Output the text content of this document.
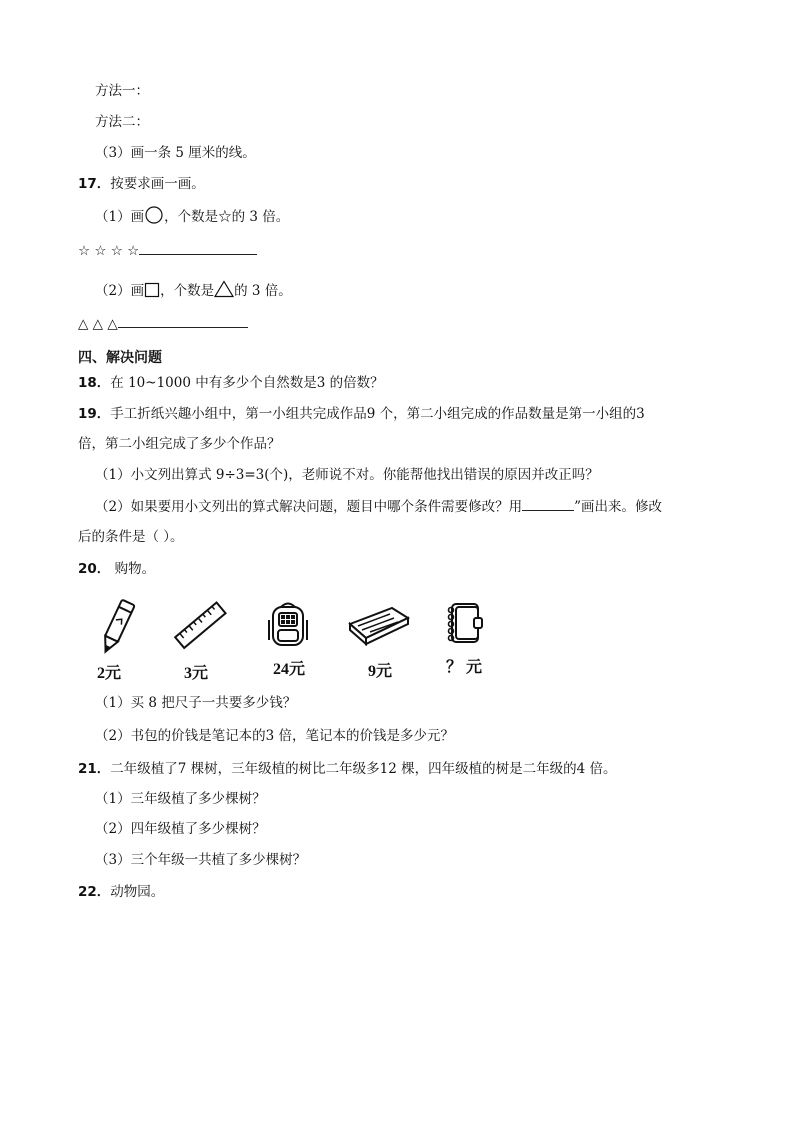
方法一：
方法二：
（3）画一条 5 厘米的线。
17．按要求画一画。
（1）画 ，个数是☆的 3 倍。
☆ ☆ ☆ ☆
（2）画 ，个数是 的 3 倍。
△ △ △
四、解决问题
18．在 10~1000 中有多少个自然数是3 的倍数？
19．手工折纸兴趣小组中，第一小组共完成作品9 个，第二小组完成的作品数量是第一小组的3
倍，第二小组完成了多少个作品？
（1）小文列出算式 9÷3=3(个)，老师说不对。你能帮他找出错误的原因并改正吗？
（2）如果要用小文列出的算式解决问题，题目中哪个条件需要修改？用	”画出来。修改
后的条件是（ ）。
20． 购物。
2元	3元	24元	9元	？ 元
（1）买 8 把尺子一共要多少钱？
（2）书包的价钱是笔记本的3 倍，笔记本的价钱是多少元？
21．二年级植了7 棵树，三年级植的树比二年级多12 棵，四年级植的树是二年级的4 倍。
（1）三年级植了多少棵树？
（2）四年级植了多少棵树？
（3）三个年级一共植了多少棵树？
22．动物园。
